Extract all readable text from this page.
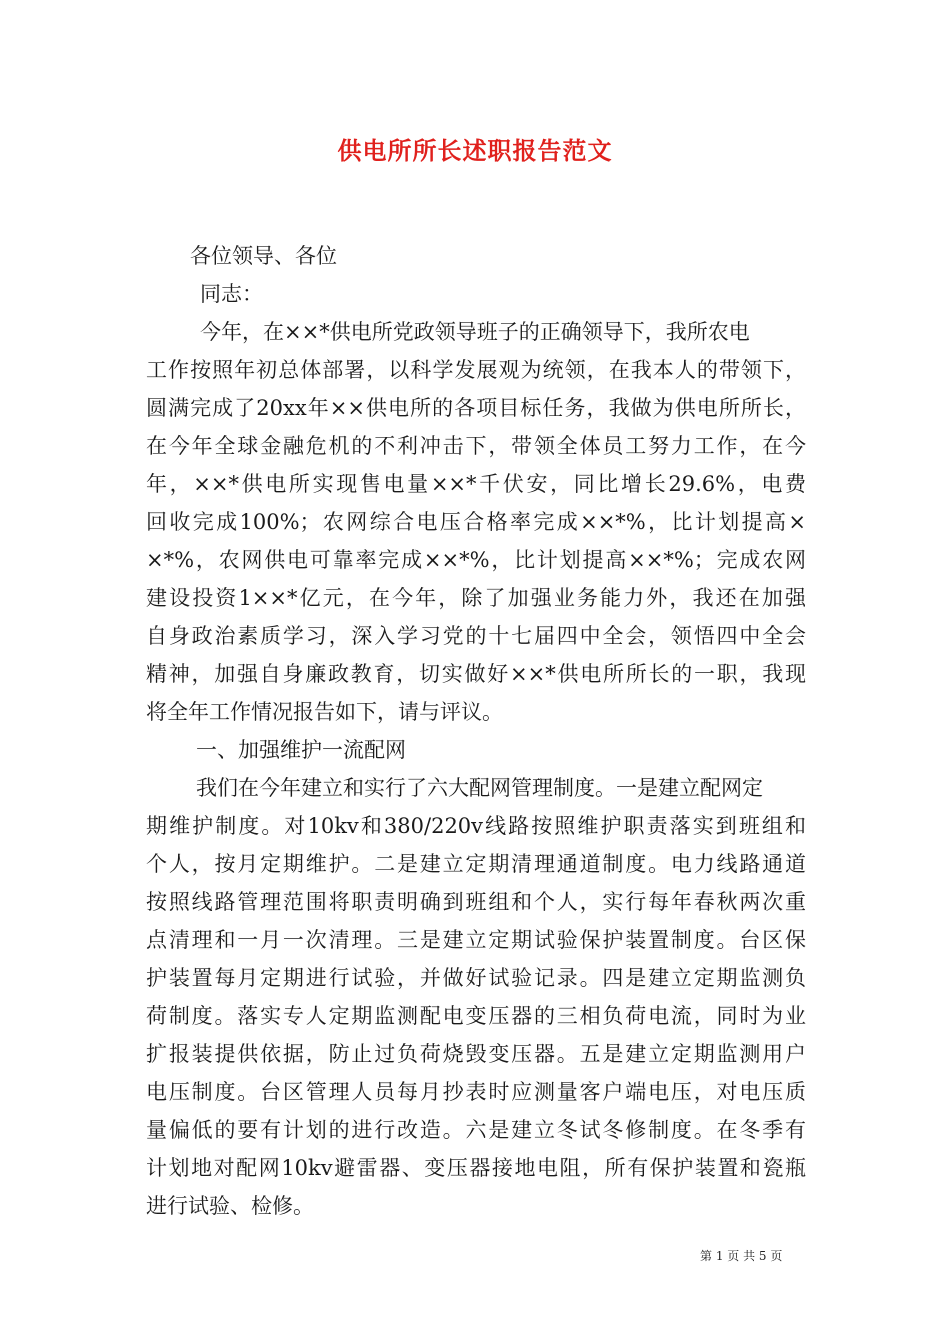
供电所所长述职报告范文
各位领导、各位
同志：
今年，在××*供电所党政领导班子的正确领导下，我所农电
工作按照年初总体部署，以科学发展观为统领，在我本人的带领下，
圆满完成了20xx年××供电所的各项目标任务，我做为供电所所长，
在今年全球金融危机的不利冲击下，带领全体员工努力工作，在今
年，××*供电所实现售电量××*千伏安，同比增长29.6%，电费
回收完成100%；农网综合电压合格率完成××*%，比计划提高×
×*%，农网供电可靠率完成××*%，比计划提高××*%；完成农网
建设投资1××*亿元，在今年，除了加强业务能力外，我还在加强
自身政治素质学习，深入学习党的十七届四中全会，领悟四中全会
精神，加强自身廉政教育，切实做好××*供电所所长的一职，我现
将全年工作情况报告如下，请与评议。
一、加强维护一流配网
我们在今年建立和实行了六大配网管理制度。一是建立配网定
期维护制度。对10kv和380/220v线路按照维护职责落实到班组和
个人，按月定期维护。二是建立定期清理通道制度。电力线路通道
按照线路管理范围将职责明确到班组和个人，实行每年春秋两次重
点清理和一月一次清理。三是建立定期试验保护装置制度。台区保
护装置每月定期进行试验，并做好试验记录。四是建立定期监测负
荷制度。落实专人定期监测配电变压器的三相负荷电流，同时为业
扩报装提供依据，防止过负荷烧毁变压器。五是建立定期监测用户
电压制度。台区管理人员每月抄表时应测量客户端电压，对电压质
量偏低的要有计划的进行改造。六是建立冬试冬修制度。在冬季有
计划地对配网10kv避雷器、变压器接地电阻，所有保护装置和瓷瓶
进行试验、检修。
第 1 页 共 5 页
